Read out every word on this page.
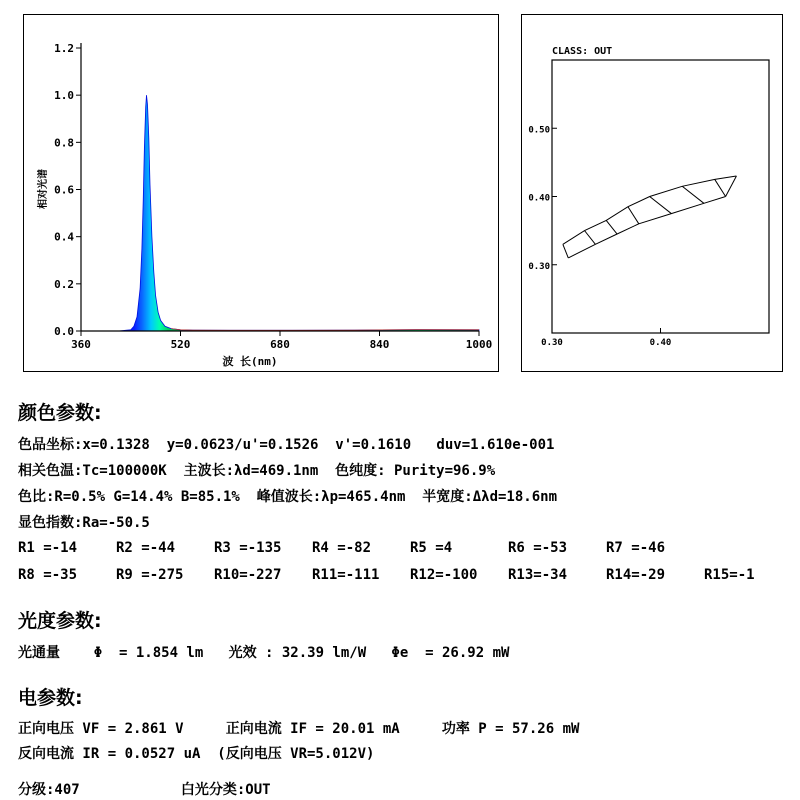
0.0
0.2
0.4
0.6
0.8
1.0
1.2
360	520	680	840	1000
波 长(nm)
相对光谱
CLASS: OUT
0.30
0.40
0.50
0.30	0.40
颜色参数:
色品坐标:x=0.1328  y=0.0623/u'=0.1526  v'=0.1610   duv=1.610e-001
相关色温:Tc=100000K  主波长:λd=469.1nm  色纯度: Purity=96.9%
色比:R=0.5% G=14.4% B=85.1%  峰值波长:λp=465.4nm  半宽度:Δλd=18.6nm
显色指数:Ra=-50.5
R1 =-14	R2 =-44	R3 =-135 R4 =-82	R5 =4	R6 =-53	R7 =-46
R8 =-35	R9 =-275 R10=-227 R11=-111 R12=-100 R13=-34	R14=-29	R15=-1
光度参数:
光通量    Φ  = 1.854 lm   光效 : 32.39 lm/W   Φe  = 26.92 mW
电参数:
正向电压 VF = 2.861 V     正向电流 IF = 20.01 mA     功率 P = 57.26 mW
反向电流 IR = 0.0527 uA  (反向电压 VR=5.012V)
分级:407            白光分类:OUT
